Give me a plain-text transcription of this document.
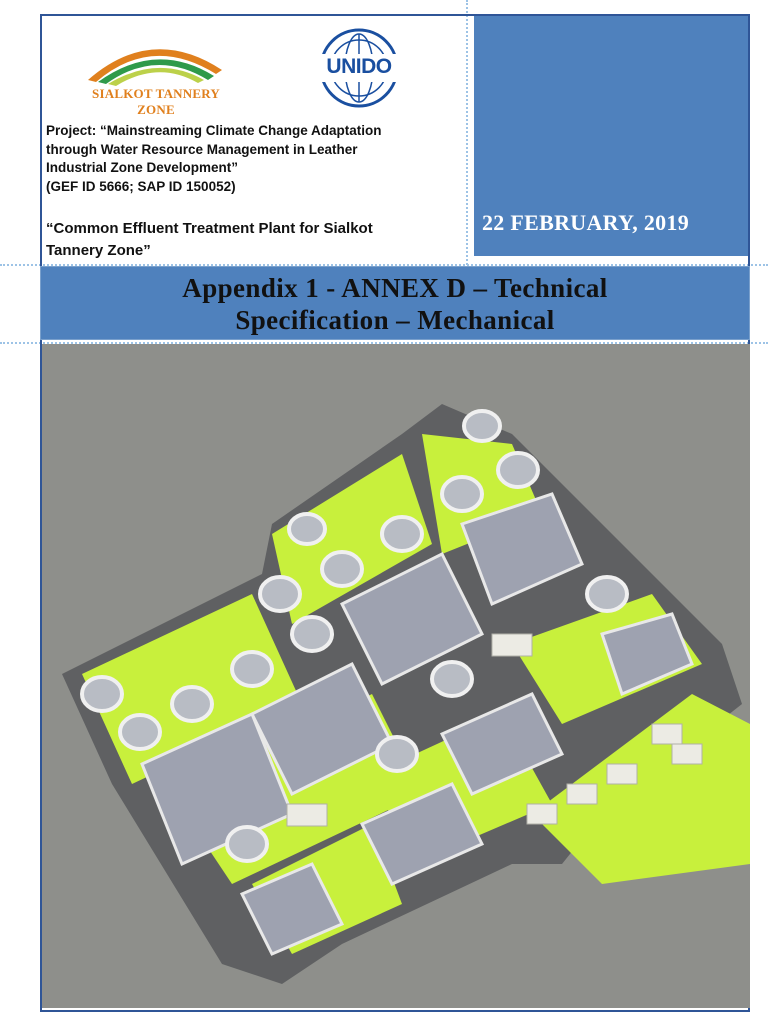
22 FEBRUARY, 2019
SIALKOT TANNERY ZONE
UNIDO
Project: “Mainstreaming Climate Change Adaptation
through Water Resource Management in Leather
Industrial Zone Development”
(GEF ID 5666; SAP ID 150052)
“Common Effluent Treatment Plant for Sialkot
Tannery Zone”
Appendix 1 - ANNEX D – Technical
Specification – Mechanical
